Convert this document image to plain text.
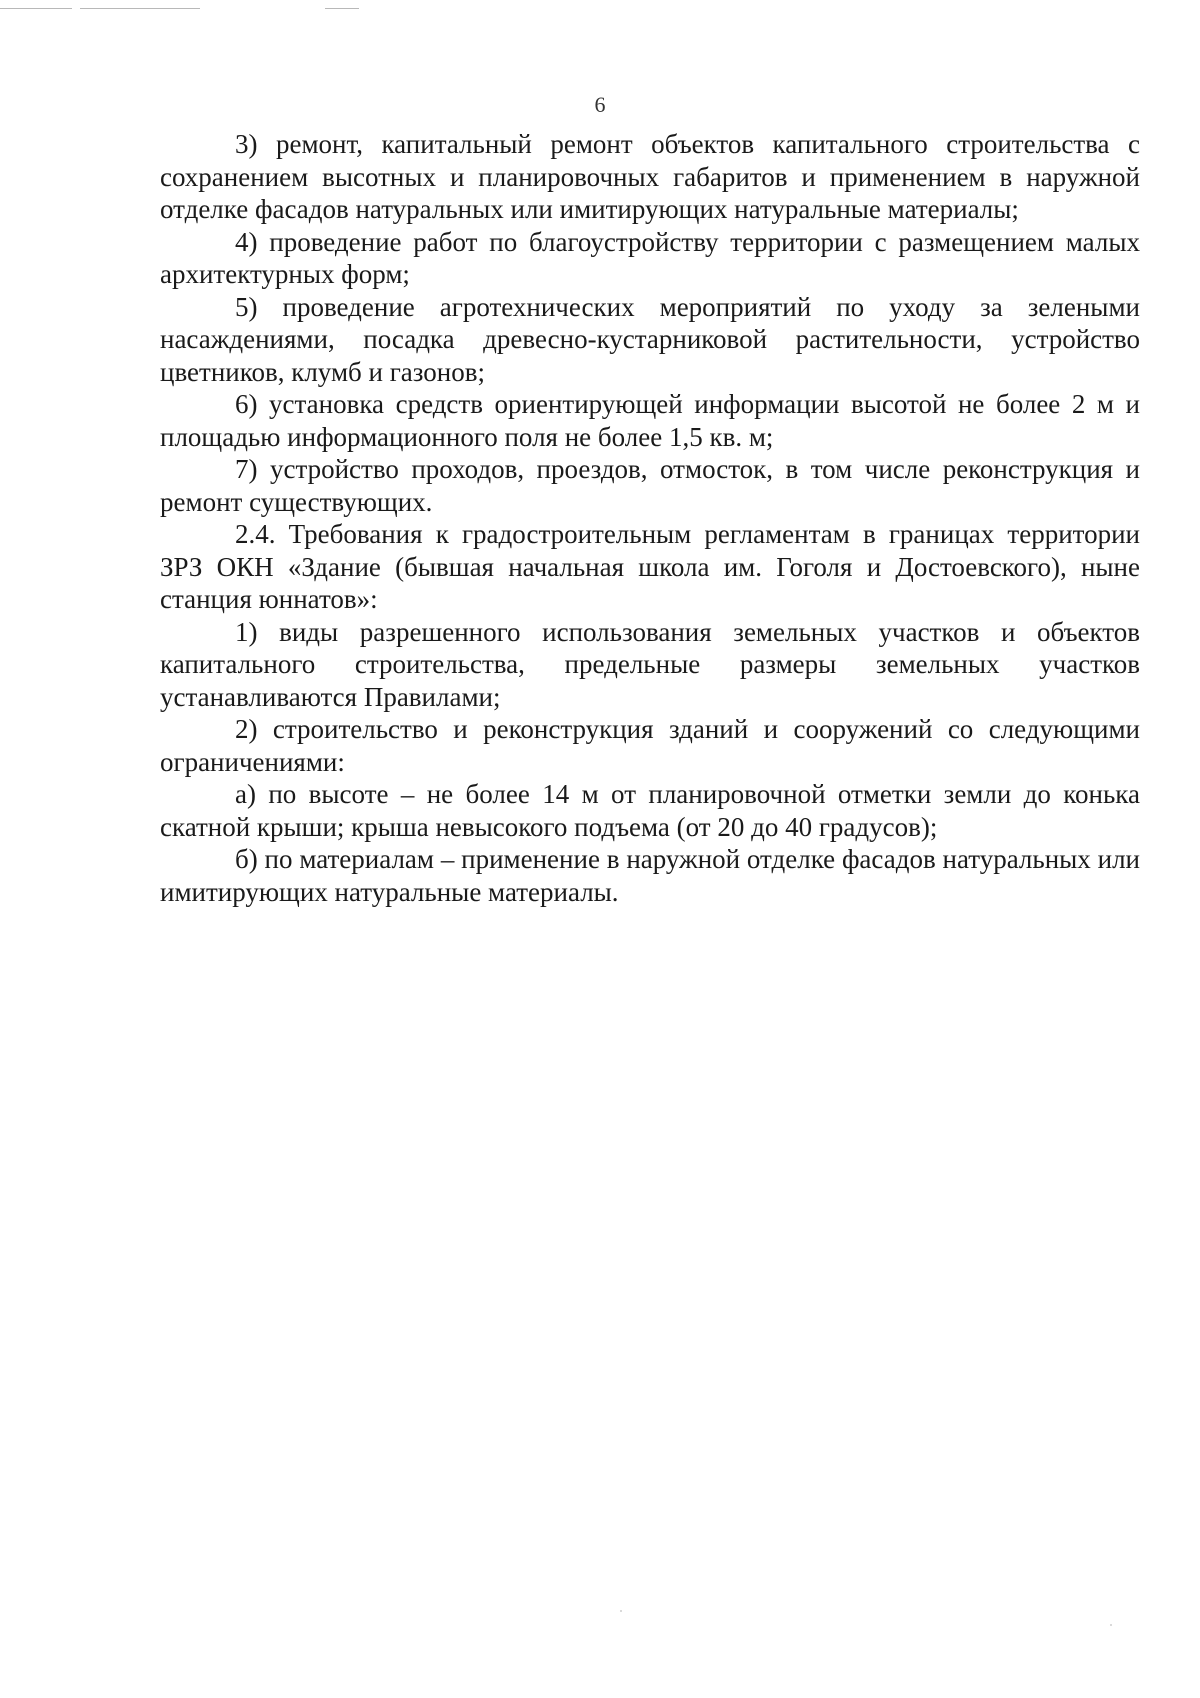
6

3) ремонт, капитальный ремонт объектов капитального строительства с сохранением высотных и планировочных габаритов и применением в наружной отделке фасадов натуральных или имитирующих натуральные материалы;

4) проведение работ по благоустройству территории с размещением малых архитектурных форм;

5) проведение агротехнических мероприятий по уходу за зелеными насаждениями, посадка древесно-кустарниковой растительности, устройство цветников, клумб и газонов;

6) установка средств ориентирующей информации высотой не более 2 м и площадью информационного поля не более 1,5 кв. м;

7) устройство проходов, проездов, отмосток, в том числе реконструкция и ремонт существующих.

2.4. Требования к градостроительным регламентам в границах территории ЗРЗ ОКН «Здание (бывшая начальная школа им. Гоголя и Достоевского), ныне станция юннатов»:

1) виды разрешенного использования земельных участков и объектов капитального строительства, предельные размеры земельных участков устанавливаются Правилами;

2) строительство и реконструкция зданий и сооружений со следующими ограничениями:

а) по высоте – не более 14 м от планировочной отметки земли до конька скатной крыши; крыша невысокого подъема (от 20 до 40 градусов);

б) по материалам – применение в наружной отделке фасадов натуральных или имитирующих натуральные материалы.
